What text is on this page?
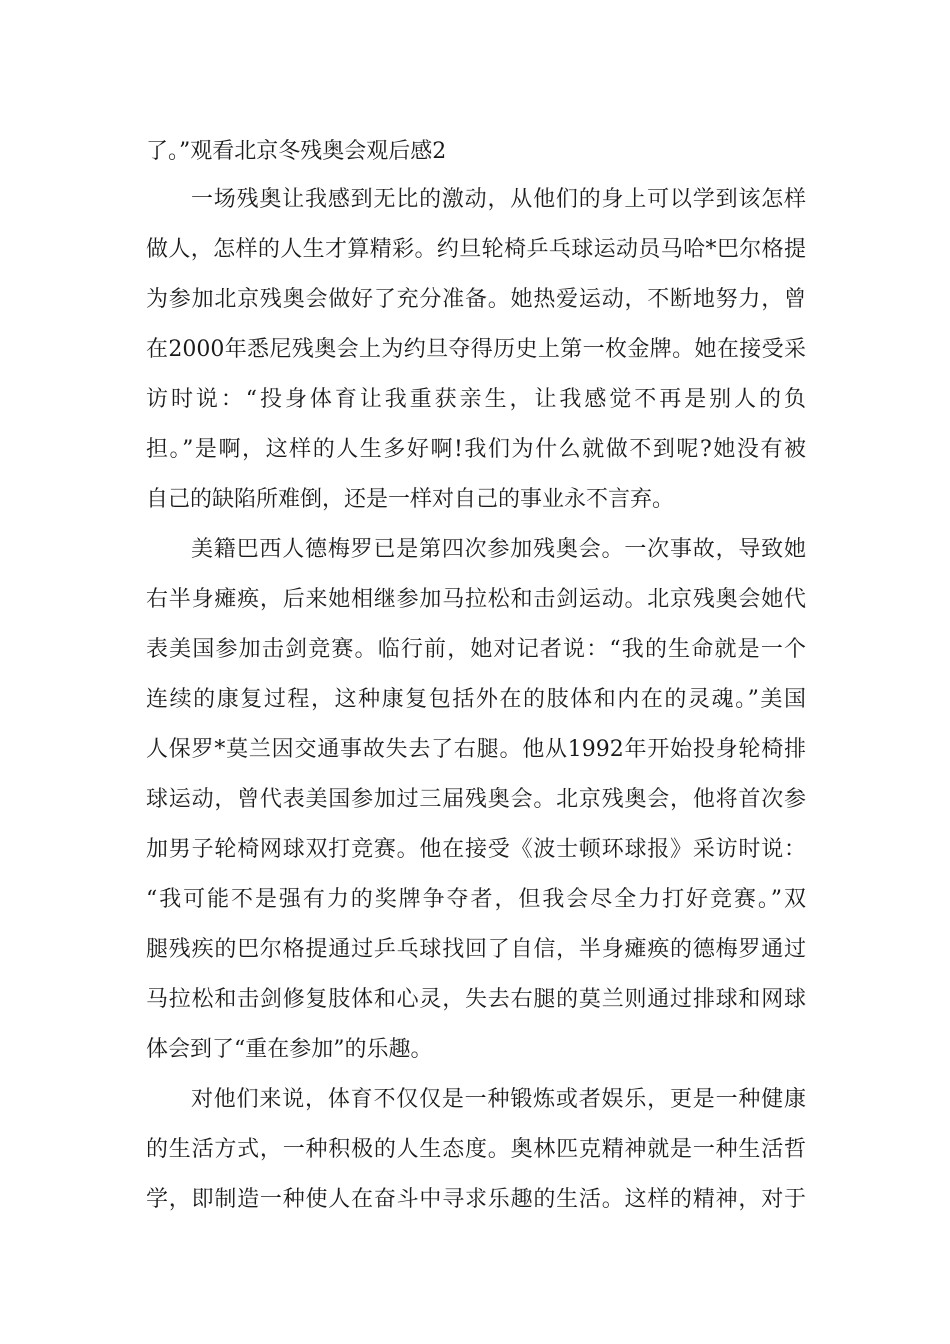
了。”观看北京冬残奥会观后感2
一场残奥让我感到无比的激动，从他们的身上可以学到该怎样
做人，怎样的人生才算精彩。约旦轮椅乒乓球运动员马哈*巴尔格提
为参加北京残奥会做好了充分准备。她热爱运动，不断地努力，曾
在2000年悉尼残奥会上为约旦夺得历史上第一枚金牌。她在接受采
访时说：“投身体育让我重获亲生，让我感觉不再是别人的负
担。”是啊，这样的人生多好啊!我们为什么就做不到呢?她没有被
自己的缺陷所难倒，还是一样对自己的事业永不言弃。
美籍巴西人德梅罗已是第四次参加残奥会。一次事故，导致她
右半身瘫痪，后来她相继参加马拉松和击剑运动。北京残奥会她代
表美国参加击剑竞赛。临行前，她对记者说：“我的生命就是一个
连续的康复过程，这种康复包括外在的肢体和内在的灵魂。”美国
人保罗*莫兰因交通事故失去了右腿。他从1992年开始投身轮椅排
球运动，曾代表美国参加过三届残奥会。北京残奥会，他将首次参
加男子轮椅网球双打竞赛。他在接受《波士顿环球报》采访时说：
“我可能不是强有力的奖牌争夺者，但我会尽全力打好竞赛。”双
腿残疾的巴尔格提通过乒乓球找回了自信，半身瘫痪的德梅罗通过
马拉松和击剑修复肢体和心灵，失去右腿的莫兰则通过排球和网球
体会到了“重在参加”的乐趣。
对他们来说，体育不仅仅是一种锻炼或者娱乐，更是一种健康
的生活方式，一种积极的人生态度。奥林匹克精神就是一种生活哲
学，即制造一种使人在奋斗中寻求乐趣的生活。这样的精神，对于
